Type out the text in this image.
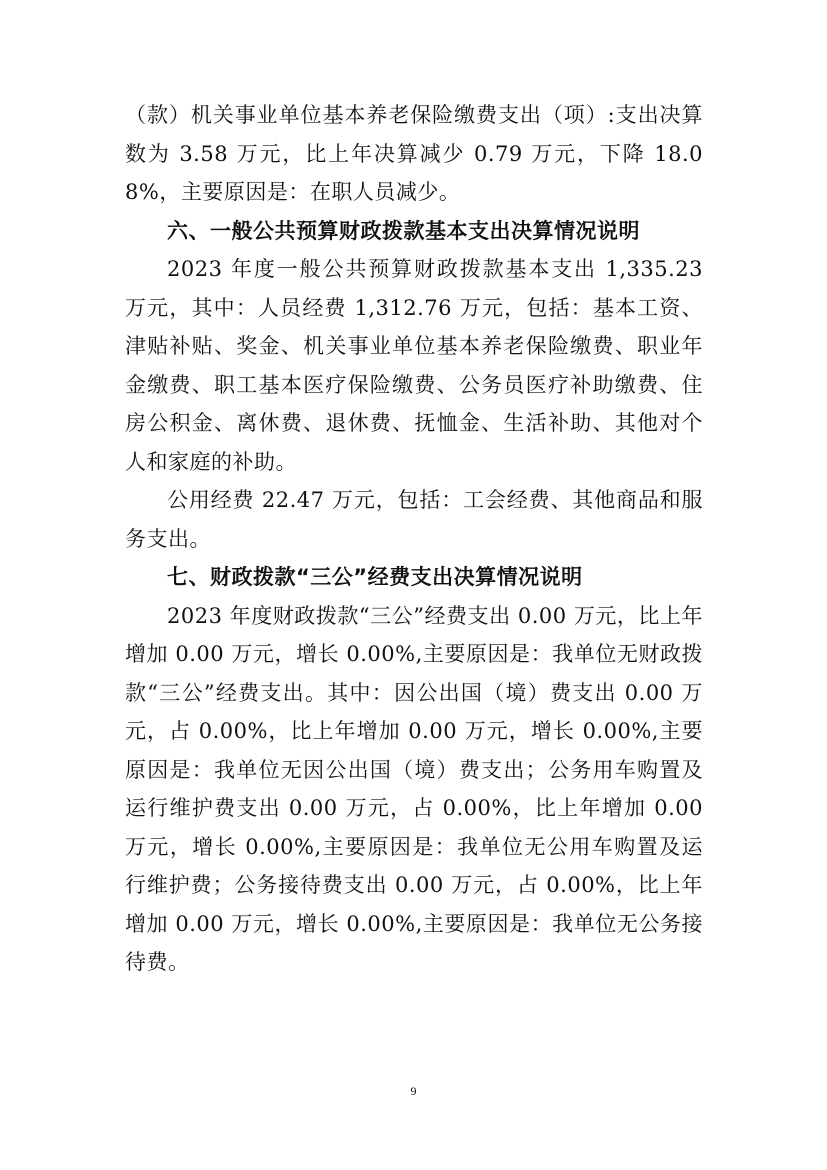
（款）机关事业单位基本养老保险缴费支出（项）:支出决算数为 3.58 万元，比上年决算减少 0.79 万元，下降 18.08%，主要原因是：在职人员减少。

六、一般公共预算财政拨款基本支出决算情况说明

2023 年度一般公共预算财政拨款基本支出 1,335.23 万元，其中：人员经费 1,312.76 万元，包括：基本工资、津贴补贴、奖金、机关事业单位基本养老保险缴费、职业年金缴费、职工基本医疗保险缴费、公务员医疗补助缴费、住房公积金、离休费、退休费、抚恤金、生活补助、其他对个人和家庭的补助。

公用经费 22.47 万元，包括：工会经费、其他商品和服务支出。

七、财政拨款“三公”经费支出决算情况说明

2023 年度财政拨款“三公”经费支出 0.00 万元，比上年增加 0.00 万元，增长 0.00%,主要原因是：我单位无财政拨款“三公”经费支出。其中：因公出国（境）费支出 0.00 万元，占 0.00%，比上年增加 0.00 万元，增长 0.00%,主要原因是：我单位无因公出国（境）费支出；公务用车购置及运行维护费支出 0.00 万元，占 0.00%，比上年增加 0.00 万元，增长 0.00%,主要原因是：我单位无公用车购置及运行维护费；公务接待费支出 0.00 万元，占 0.00%，比上年增加 0.00 万元，增长 0.00%,主要原因是：我单位无公务接待费。

9
